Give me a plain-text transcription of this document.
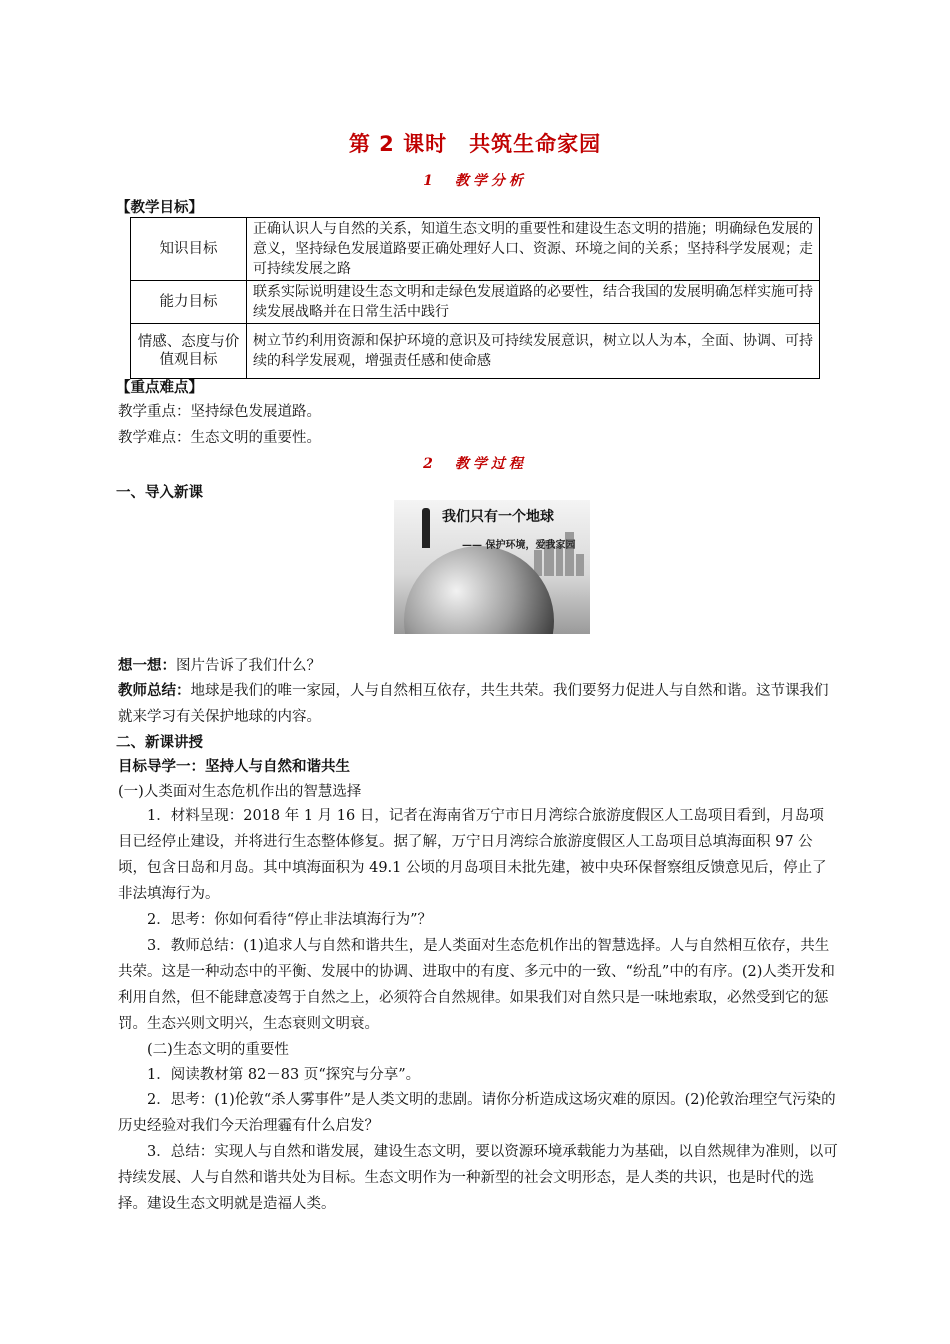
第 2 课时　共筑生命家园
1　教学分析
【教学目标】
知识目标	正确认识人与自然的关系，知道生态文明的重要性和建设生态文明的措施；明确绿色发展的意义，坚持绿色发展道路要正确处理好人口、资源、环境之间的关系；坚持科学发展观；走可持续发展之路
能力目标	联系实际说明建设生态文明和走绿色发展道路的必要性，结合我国的发展明确怎样实施可持续发展战略并在日常生活中践行
情感、态度与价值观目标	树立节约利用资源和保护环境的意识及可持续发展意识，树立以人为本，全面、协调、可持续的科学发展观，增强责任感和使命感
【重点难点】
教学重点：坚持绿色发展道路。
教学难点：生态文明的重要性。
2　教学过程
一、导入新课
我们只有一个地球
—— 保护环境，爱我家园
想一想：图片告诉了我们什么？
教师总结：地球是我们的唯一家园，人与自然相互依存，共生共荣。我们要努力促进人与自然和谐。这节课我们就来学习有关保护地球的内容。
二、新课讲授
目标导学一：坚持人与自然和谐共生
(一)人类面对生态危机作出的智慧选择
1．材料呈现：2018 年 1 月 16 日，记者在海南省万宁市日月湾综合旅游度假区人工岛项目看到，月岛项目已经停止建设，并将进行生态整体修复。据了解，万宁日月湾综合旅游度假区人工岛项目总填海面积 97 公顷，包含日岛和月岛。其中填海面积为 49.1 公顷的月岛项目未批先建，被中央环保督察组反馈意见后，停止了非法填海行为。
2．思考：你如何看待“停止非法填海行为”？
3．教师总结：(1)追求人与自然和谐共生，是人类面对生态危机作出的智慧选择。人与自然相互依存，共生共荣。这是一种动态中的平衡、发展中的协调、进取中的有度、多元中的一致、“纷乱”中的有序。(2)人类开发和利用自然，但不能肆意凌驾于自然之上，必须符合自然规律。如果我们对自然只是一味地索取，必然受到它的惩罚。生态兴则文明兴，生态衰则文明衰。
(二)生态文明的重要性
1．阅读教材第 82－83 页“探究与分享”。
2．思考：(1)伦敦“杀人雾事件”是人类文明的悲剧。请你分析造成这场灾难的原因。(2)伦敦治理空气污染的历史经验对我们今天治理霾有什么启发？
3．总结：实现人与自然和谐发展，建设生态文明，要以资源环境承载能力为基础，以自然规律为准则，以可持续发展、人与自然和谐共处为目标。生态文明作为一种新型的社会文明形态，是人类的共识，也是时代的选择。建设生态文明就是造福人类。
